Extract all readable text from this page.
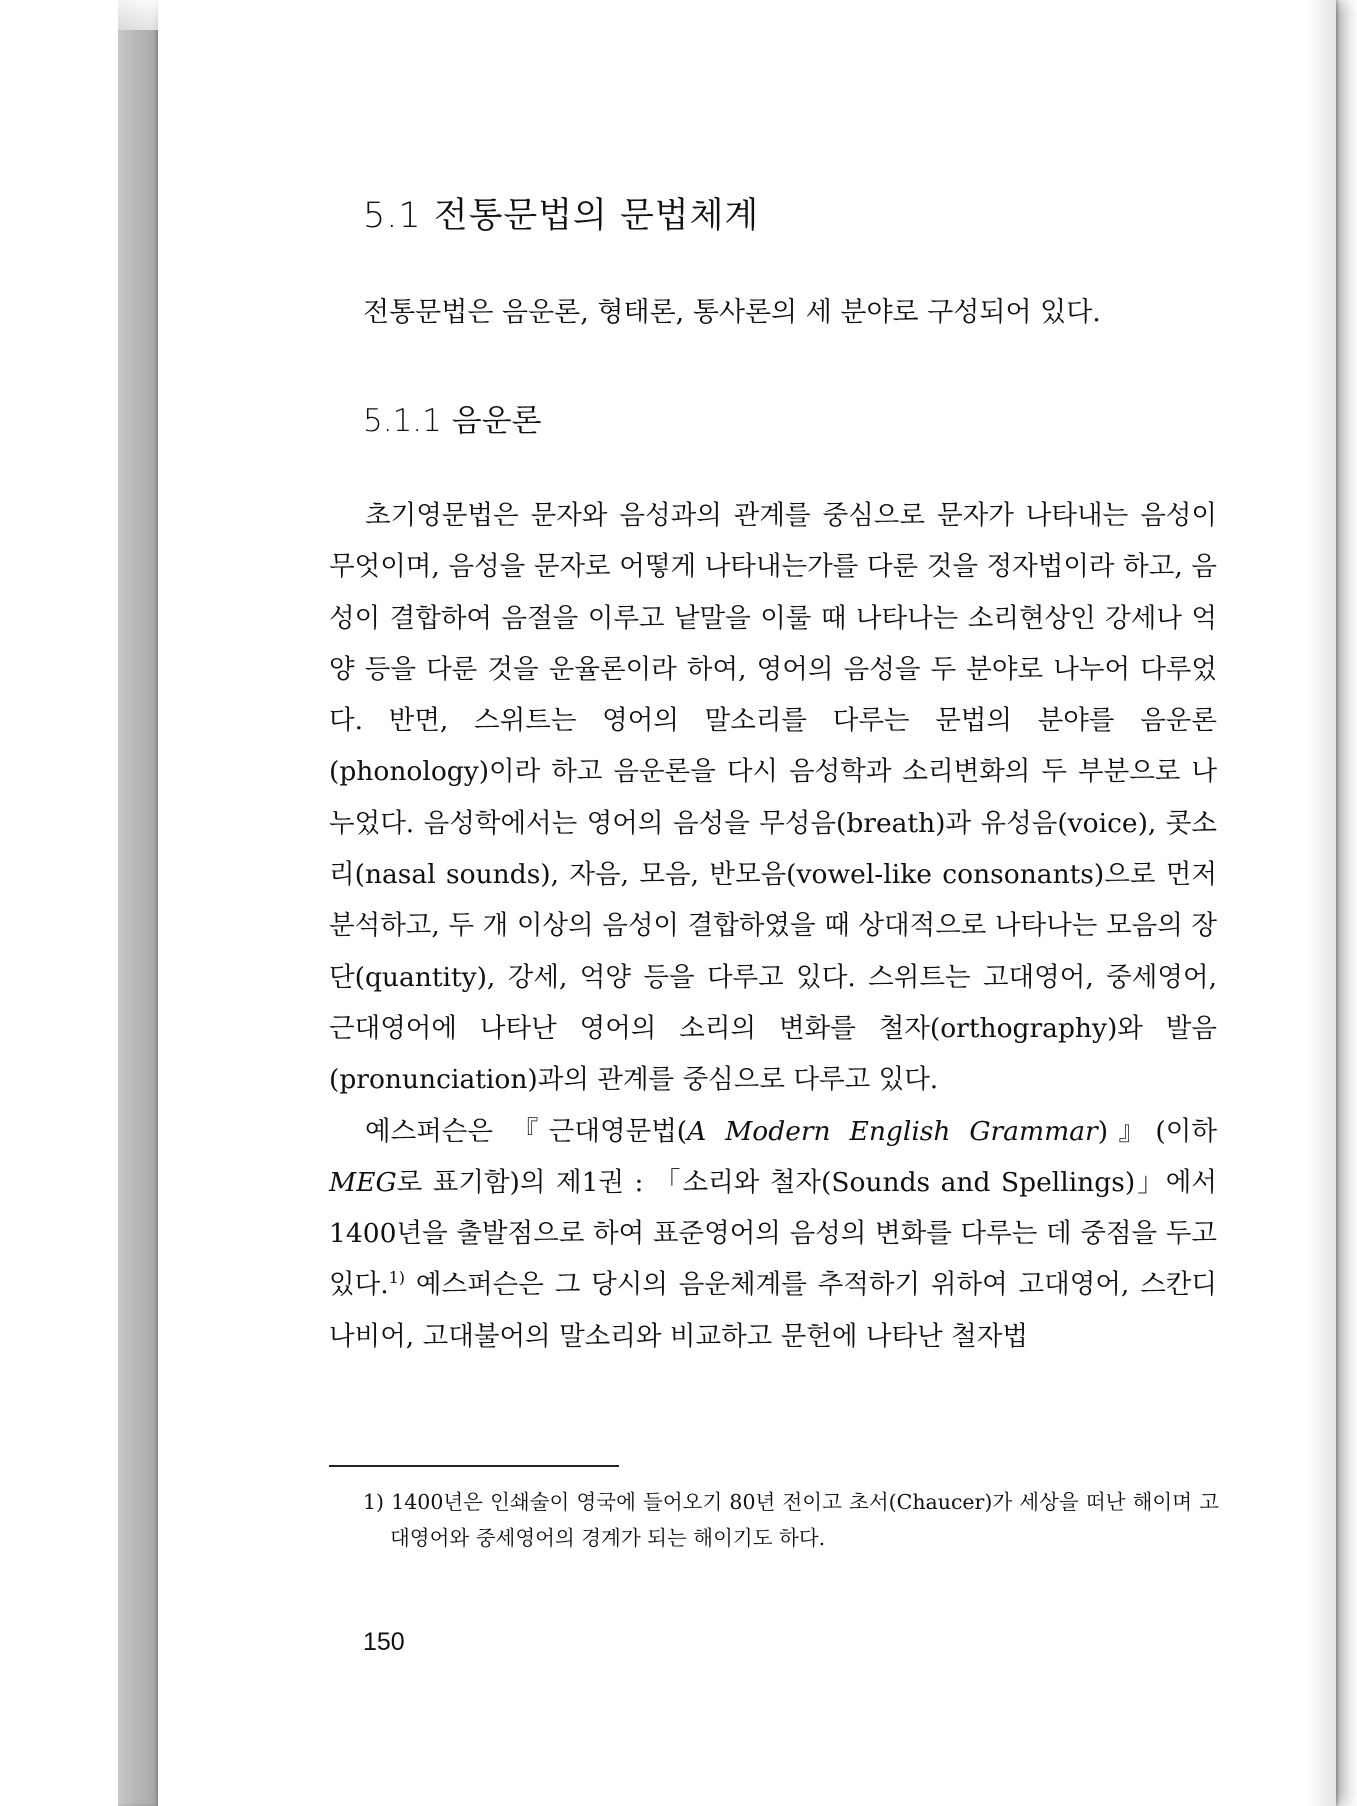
5.1 전통문법의 문법체계
전통문법은 음운론, 형태론, 통사론의 세 분야로 구성되어 있다.
5.1.1 음운론

초기영문법은 문자와 음성과의 관계를 중심으로 문자가 나타내는 음성이 무엇이며, 음성을 문자로 어떻게 나타내는가를 다룬 것을 정자법이라 하고, 음성이 결합하여 음절을 이루고 낱말을 이룰 때 나타나는 소리현상인 강세나 억양 등을 다룬 것을 운율론이라 하여, 영어의 음성을 두 분야로 나누어 다루었다. 반면, 스위트는 영어의 말소리를 다루는 문법의 분야를 음운론(phonology)이라 하고 음운론을 다시 음성학과 소리변화의 두 부분으로 나누었다. 음성학에서는 영어의 음성을 무성음(breath)과 유성음(voice), 콧소리(nasal sounds), 자음, 모음, 반모음(vowel-like consonants)으로 먼저 분석하고, 두 개 이상의 음성이 결합하였을 때 상대적으로 나타나는 모음의 장단(quantity), 강세, 억양 등을 다루고 있다. 스위트는 고대영어, 중세영어, 근대영어에 나타난 영어의 소리의 변화를 철자(orthography)와 발음(pronunciation)과의 관계를 중심으로 다루고 있다.

예스퍼슨은 『근대영문법(A Modern English Grammar)』(이하 MEG로 표기함)의 제1권 : 「소리와 철자(Sounds and Spellings)」에서 1400년을 출발점으로 하여 표준영어의 음성의 변화를 다루는 데 중점을 두고 있다.$^{1)}$ 예스퍼슨은 그 당시의 음운체계를 추적하기 위하여 고대영어, 스칸디나비어, 고대불어의 말소리와 비교하고 문헌에 나타난 철자법

1) 1400년은 인쇄술이 영국에 들어오기 80년 전이고 초서(Chaucer)가 세상을 떠난 해이며 고대영어와 중세영어의 경계가 되는 해이기도 하다.
150
